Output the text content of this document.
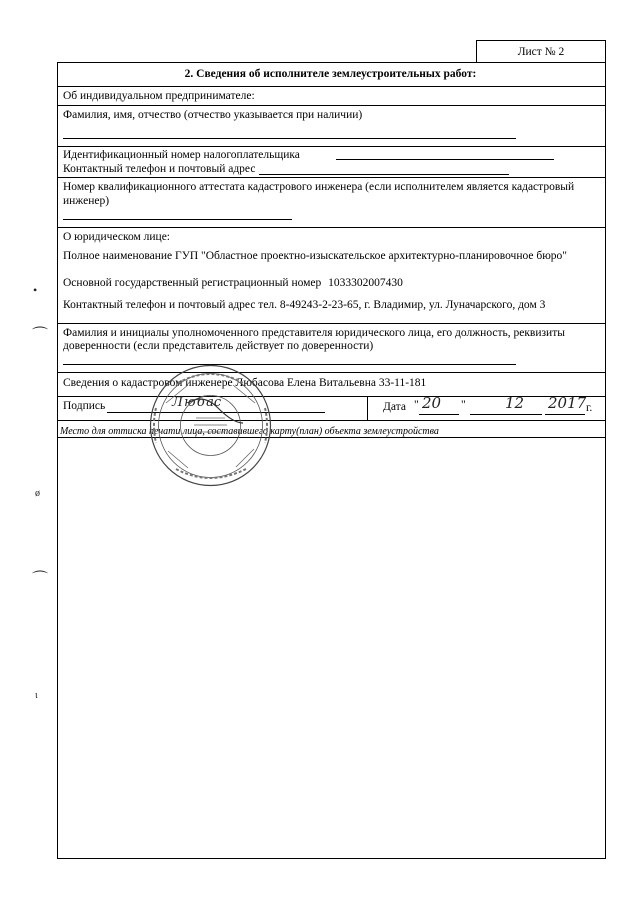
Лист № 2
2. Сведения об исполнителе землеустроительных работ:
Об индивидуальном предпринимателе:
Фамилия, имя, отчество (отчество указывается при наличии)
Идентификационный номер налогоплательщика
Контактный телефон и почтовый адрес
Номер квалификационного аттестата кадастрового инженера (если исполнителем является кадастровый
инженер)
О юридическом лице:
Полное наименование ГУП "Областное проектно-изыскательское архитектурно-планировочное бюро"
Основной государственный регистрационный номер 1033302007430
Контактный телефон и почтовый адрес тел. 8-49243-2-23-65, г. Владимир, ул. Луначарского, дом 3
Фамилия и инициалы уполномоченного представителя юридического лица, его должность, реквизиты
доверенности (если представитель действует по доверенности)
Сведения о кадастровом инженере Любасова Елена Витальевна 33-11-181
Подпись	Л ю б ас	Дата " 20 "	12 2017 г.
Место для оттиска печати лица, составившего карту(план) объекта землеустройства
•
⌒
ø
⌒
ɩ
